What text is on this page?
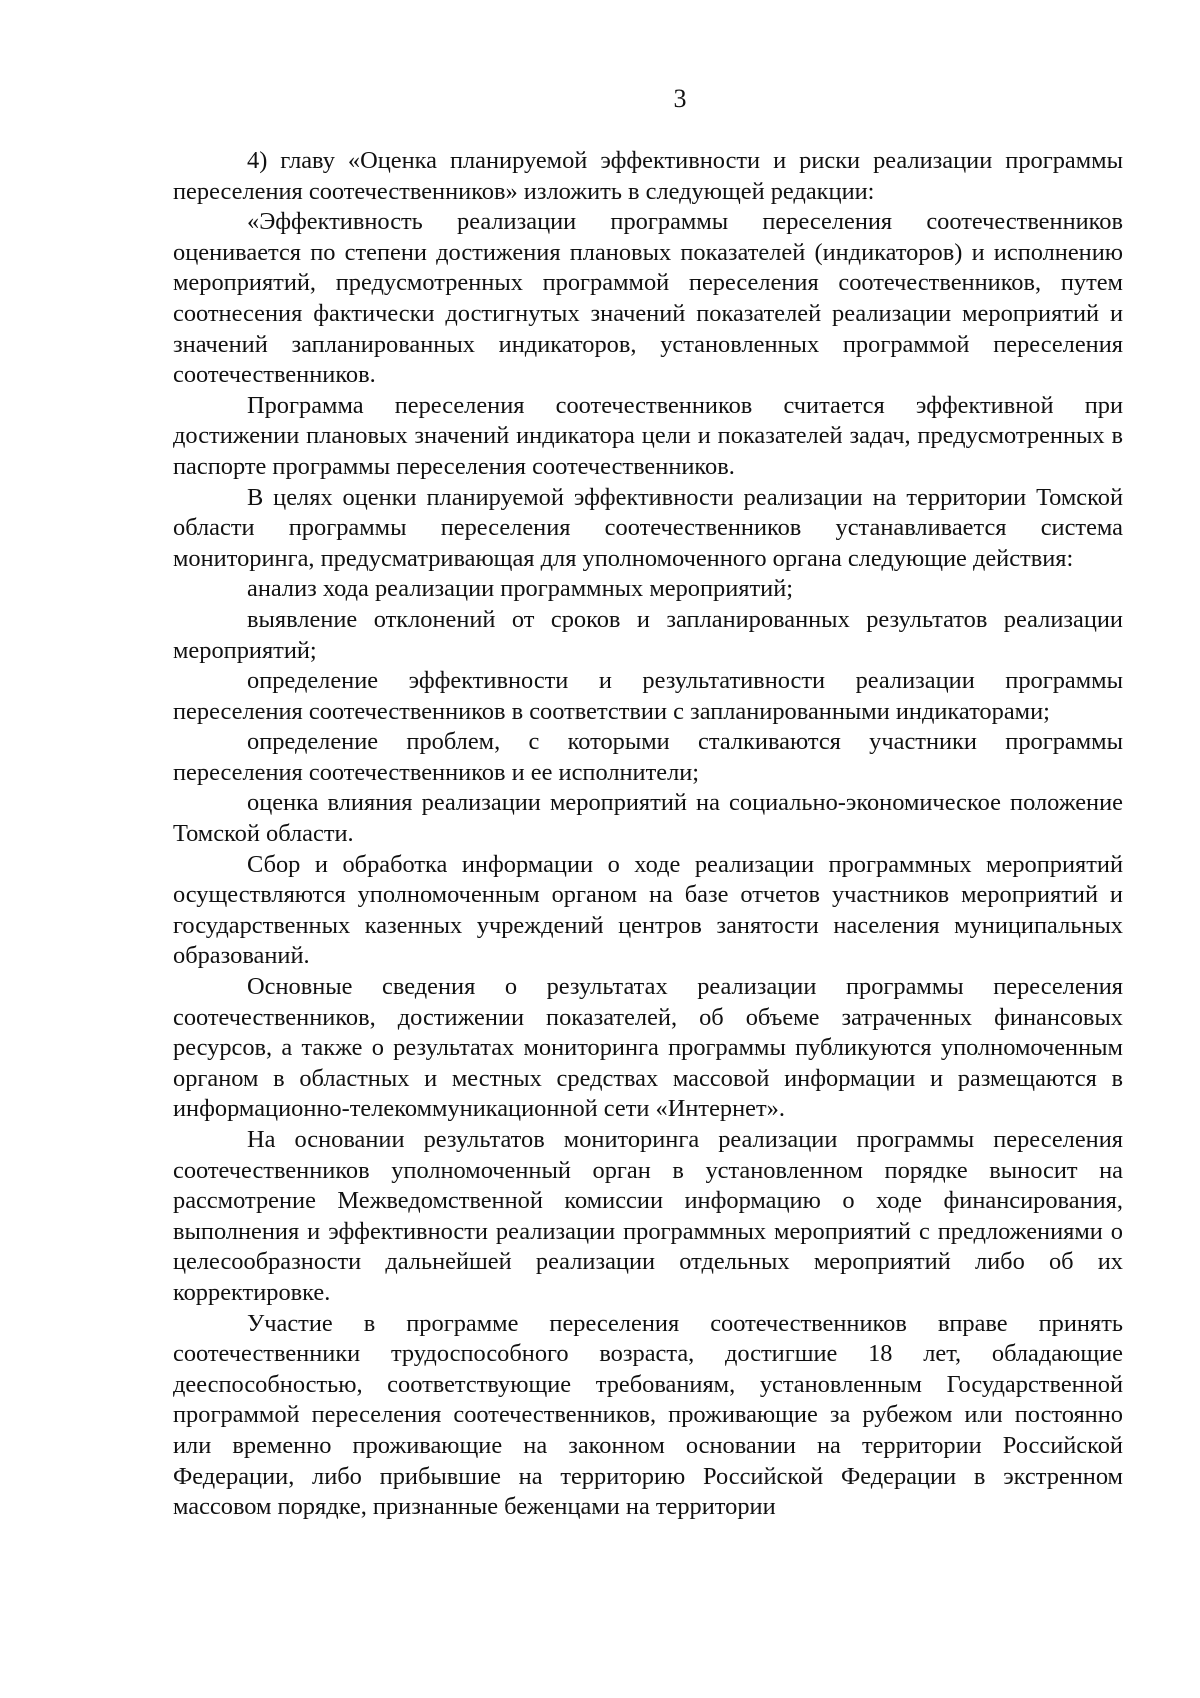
3

4) главу «Оценка планируемой эффективности и риски реализации программы переселения соотечественников» изложить в следующей редакции:

«Эффективность реализации программы переселения соотечественников оценивается по степени достижения плановых показателей (индикаторов) и исполнению мероприятий, предусмотренных программой переселения соотечественников, путем соотнесения фактически достигнутых значений показателей реализации мероприятий и значений запланированных индикаторов, установленных программой переселения соотечественников.

Программа переселения соотечественников считается эффективной при достижении плановых значений индикатора цели и показателей задач, предусмотренных в паспорте программы переселения соотечественников.

В целях оценки планируемой эффективности реализации на территории Томской области программы переселения соотечественников устанавливается система мониторинга, предусматривающая для уполномоченного органа следующие действия:

анализ хода реализации программных мероприятий;

выявление отклонений от сроков и запланированных результатов реализации мероприятий;

определение эффективности и результативности реализации программы переселения соотечественников в соответствии с запланированными индикаторами;

определение проблем, с которыми сталкиваются участники программы переселения соотечественников и ее исполнители;

оценка влияния реализации мероприятий на социально-экономическое положение Томской области.

Сбор и обработка информации о ходе реализации программных мероприятий осуществляются уполномоченным органом на базе отчетов участников мероприятий и государственных казенных учреждений центров занятости населения муниципальных образований.

Основные сведения о результатах реализации программы переселения соотечественников, достижении показателей, об объеме затраченных финансовых ресурсов, а также о результатах мониторинга программы публикуются уполномоченным органом в областных и местных средствах массовой информации и размещаются в информационно-телекоммуникационной сети «Интернет».

На основании результатов мониторинга реализации программы переселения соотечественников уполномоченный орган в установленном порядке выносит на рассмотрение Межведомственной комиссии информацию о ходе финансирования, выполнения и эффективности реализации программных мероприятий с предложениями о целесообразности дальнейшей реализации отдельных мероприятий либо об их корректировке.

Участие в программе переселения соотечественников вправе принять соотечественники трудоспособного возраста, достигшие 18 лет, обладающие дееспособностью, соответствующие требованиям, установленным Государственной программой переселения соотечественников, проживающие за рубежом или постоянно или временно проживающие на законном основании на территории Российской Федерации, либо прибывшие на территорию Российской Федерации в экстренном массовом порядке, признанные беженцами на территории
